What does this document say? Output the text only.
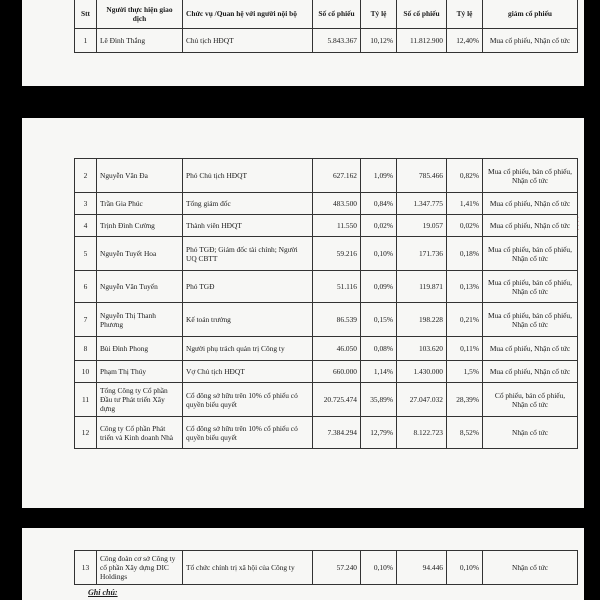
Stt	Người thực hiện giao dịch	Chức vụ /Quan hệ với người nội bộ	Số cổ phiếu	Tỷ lệ	Số cổ phiếu	Tỷ lệ	giảm cổ phiếu
1	Lê Đình Thắng	Chủ tịch HĐQT	5.843.367	10,12%	11.812.900	12,40%	Mua cổ phiếu, Nhận cổ tức
2	Nguyễn Văn Đa	Phó Chủ tịch HĐQT	627.162	1,09%	785.466	0,82%	Mua cổ phiếu, bán cổ phiếu, Nhận cổ tức
3	Trần Gia Phúc	Tổng giám đốc	483.500	0,84%	1.347.775	1,41%	Mua cổ phiếu, Nhận cổ tức
4	Trịnh Đình Cường	Thành viên HĐQT	11.550	0,02%	19.057	0,02%	Mua cổ phiếu, Nhận cổ tức
5	Nguyễn Tuyết Hoa	Phó TGĐ; Giám đốc tài chính; Người UQ CBTT	59.216	0,10%	171.736	0,18%	Mua cổ phiếu, bán cổ phiếu, Nhận cổ tức
6	Nguyễn Văn Tuyến	Phó TGĐ	51.116	0,09%	119.871	0,13%	Mua cổ phiếu, bán cổ phiếu, Nhận cổ tức
7	Nguyễn Thị Thanh Phương	Kế toán trưởng	86.539	0,15%	198.228	0,21%	Mua cổ phiếu, bán cổ phiếu, Nhận cổ tức
8	Bùi Đình Phong	Người phụ trách quản trị Công ty	46.050	0,08%	103.620	0,11%	Mua cổ phiếu, Nhận cổ tức
10	Phạm Thị Thúy	Vợ Chủ tịch HĐQT	660.000	1,14%	1.430.000	1,5%	Mua cổ phiếu, Nhận cổ tức
11	Tổng Công ty Cổ phần Đầu tư Phát triển Xây dựng	Cổ đông sở hữu trên 10% cổ phiếu có quyền biểu quyết	20.725.474	35,89%	27.047.032	28,39%	Cổ phiếu, bán cổ phiếu, Nhận cổ tức
12	Công ty Cổ phần Phát triển và Kinh doanh Nhà	Cổ đông sở hữu trên 10% cổ phiếu có quyền biểu quyết	7.384.294	12,79%	8.122.723	8,52%	Nhận cổ tức
· · · ·
13	Công đoàn cơ sở Công ty cổ phần Xây dựng DIC Holdings	Tổ chức chính trị xã hội của Công ty	57.240	0,10%	94.446	0,10%	Nhận cổ tức
Ghi chú:
